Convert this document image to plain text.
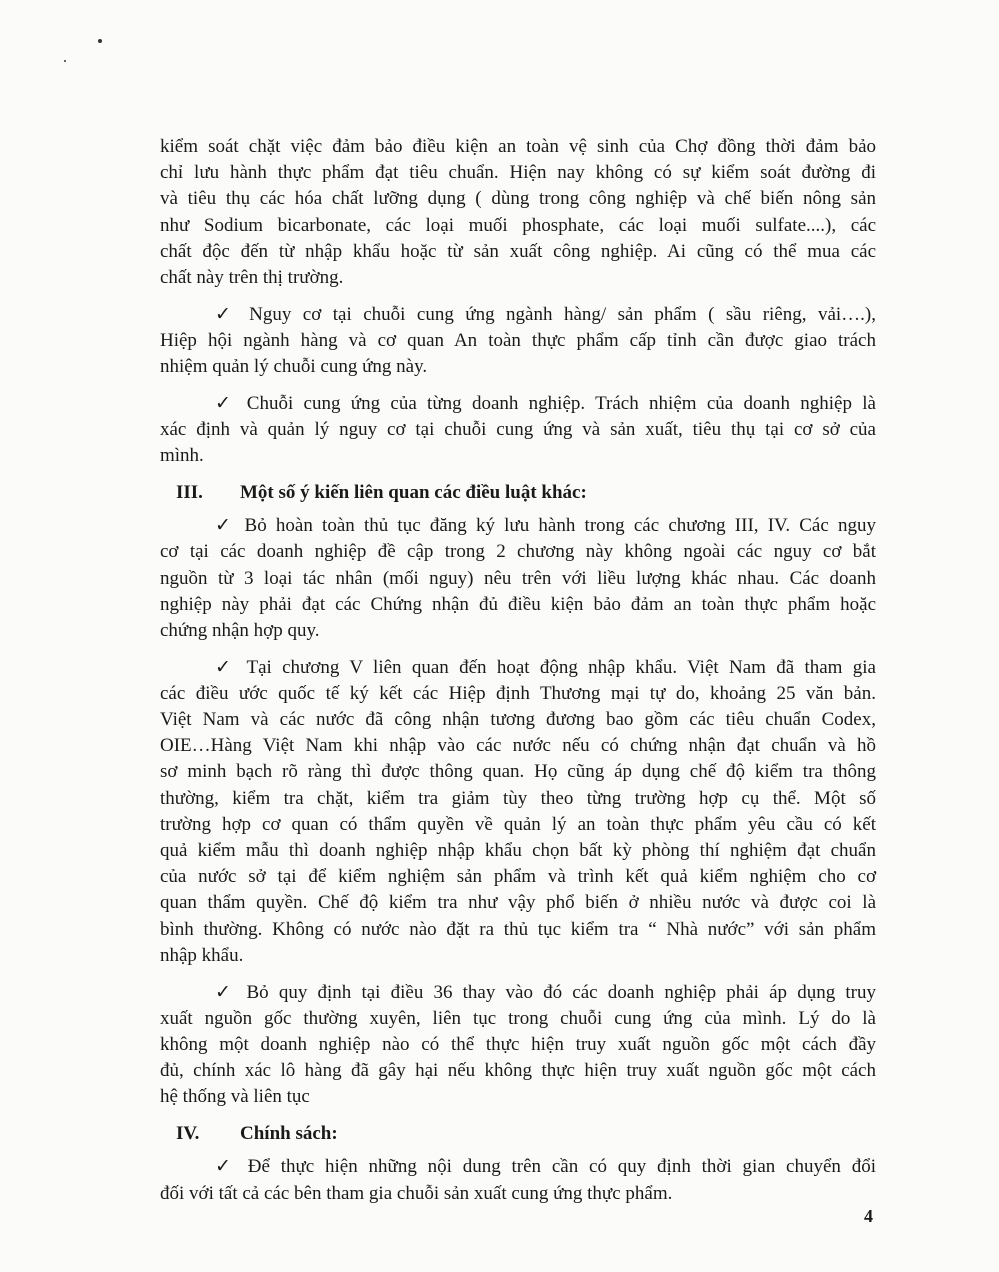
kiểm soát chặt việc đảm bảo điều kiện an toàn vệ sinh của Chợ đồng thời đảm bảo
chỉ lưu hành thực phẩm đạt tiêu chuẩn. Hiện nay không có sự kiểm soát đường đi
và tiêu thụ các hóa chất lưỡng dụng ( dùng trong công nghiệp và chế biến nông sản
như Sodium bicarbonate, các loại muối phosphate, các loại muối sulfate....), các
chất độc đến từ nhập khẩu hoặc từ sản xuất công nghiệp. Ai cũng có thể mua các
chất này trên thị trường.
✓ Nguy cơ tại chuỗi cung ứng ngành hàng/ sản phẩm ( sầu riêng, vải….),
Hiệp hội ngành hàng và cơ quan An toàn thực phẩm cấp tỉnh cần được giao trách
nhiệm quản lý chuỗi cung ứng này.
✓ Chuỗi cung ứng của từng doanh nghiệp. Trách nhiệm của doanh nghiệp là
xác định và quản lý nguy cơ tại chuỗi cung ứng và sản xuất, tiêu thụ tại cơ sở của
mình.
III.	Một số ý kiến liên quan các điều luật khác:
✓ Bỏ hoàn toàn thủ tục đăng ký lưu hành trong các chương III, IV. Các nguy
cơ tại các doanh nghiệp đề cập trong 2 chương này không ngoài các nguy cơ bắt
nguồn từ 3 loại tác nhân (mối nguy) nêu trên với liều lượng khác nhau. Các doanh
nghiệp này phải đạt các Chứng nhận đủ điều kiện bảo đảm an toàn thực phẩm hoặc
chứng nhận hợp quy.
✓ Tại chương V liên quan đến hoạt động nhập khẩu. Việt Nam đã tham gia
các điều ước quốc tế ký kết các Hiệp định Thương mại tự do, khoảng 25 văn bản.
Việt Nam và các nước đã công nhận tương đương bao gồm các tiêu chuẩn Codex,
OIE…Hàng Việt Nam khi nhập vào các nước nếu có chứng nhận đạt chuẩn và hồ
sơ minh bạch rõ ràng thì được thông quan. Họ cũng áp dụng chế độ kiểm tra thông
thường, kiểm tra chặt, kiểm tra giảm tùy theo từng trường hợp cụ thể. Một số
trường hợp cơ quan có thẩm quyền về quản lý an toàn thực phẩm yêu cầu có kết
quả kiểm mẫu thì doanh nghiệp nhập khẩu chọn bất kỳ phòng thí nghiệm đạt chuẩn
của nước sở tại để kiểm nghiệm sản phẩm và trình kết quả kiểm nghiệm cho cơ
quan thẩm quyền. Chế độ kiểm tra như vậy phổ biến ở nhiều nước và được coi là
bình thường. Không có nước nào đặt ra thủ tục kiểm tra “ Nhà nước” với sản phẩm
nhập khẩu.
✓ Bỏ quy định tại điều 36 thay vào đó các doanh nghiệp phải áp dụng truy
xuất nguồn gốc thường xuyên, liên tục trong chuỗi cung ứng của mình. Lý do là
không một doanh nghiệp nào có thể thực hiện truy xuất nguồn gốc một cách đầy
đủ, chính xác lô hàng đã gây hại nếu không thực hiện truy xuất nguồn gốc một cách
hệ thống và liên tục
IV.	Chính sách:
✓ Để thực hiện những nội dung trên cần có quy định thời gian chuyển đổi
đối với tất cả các bên tham gia chuỗi sản xuất cung ứng thực phẩm.
4
